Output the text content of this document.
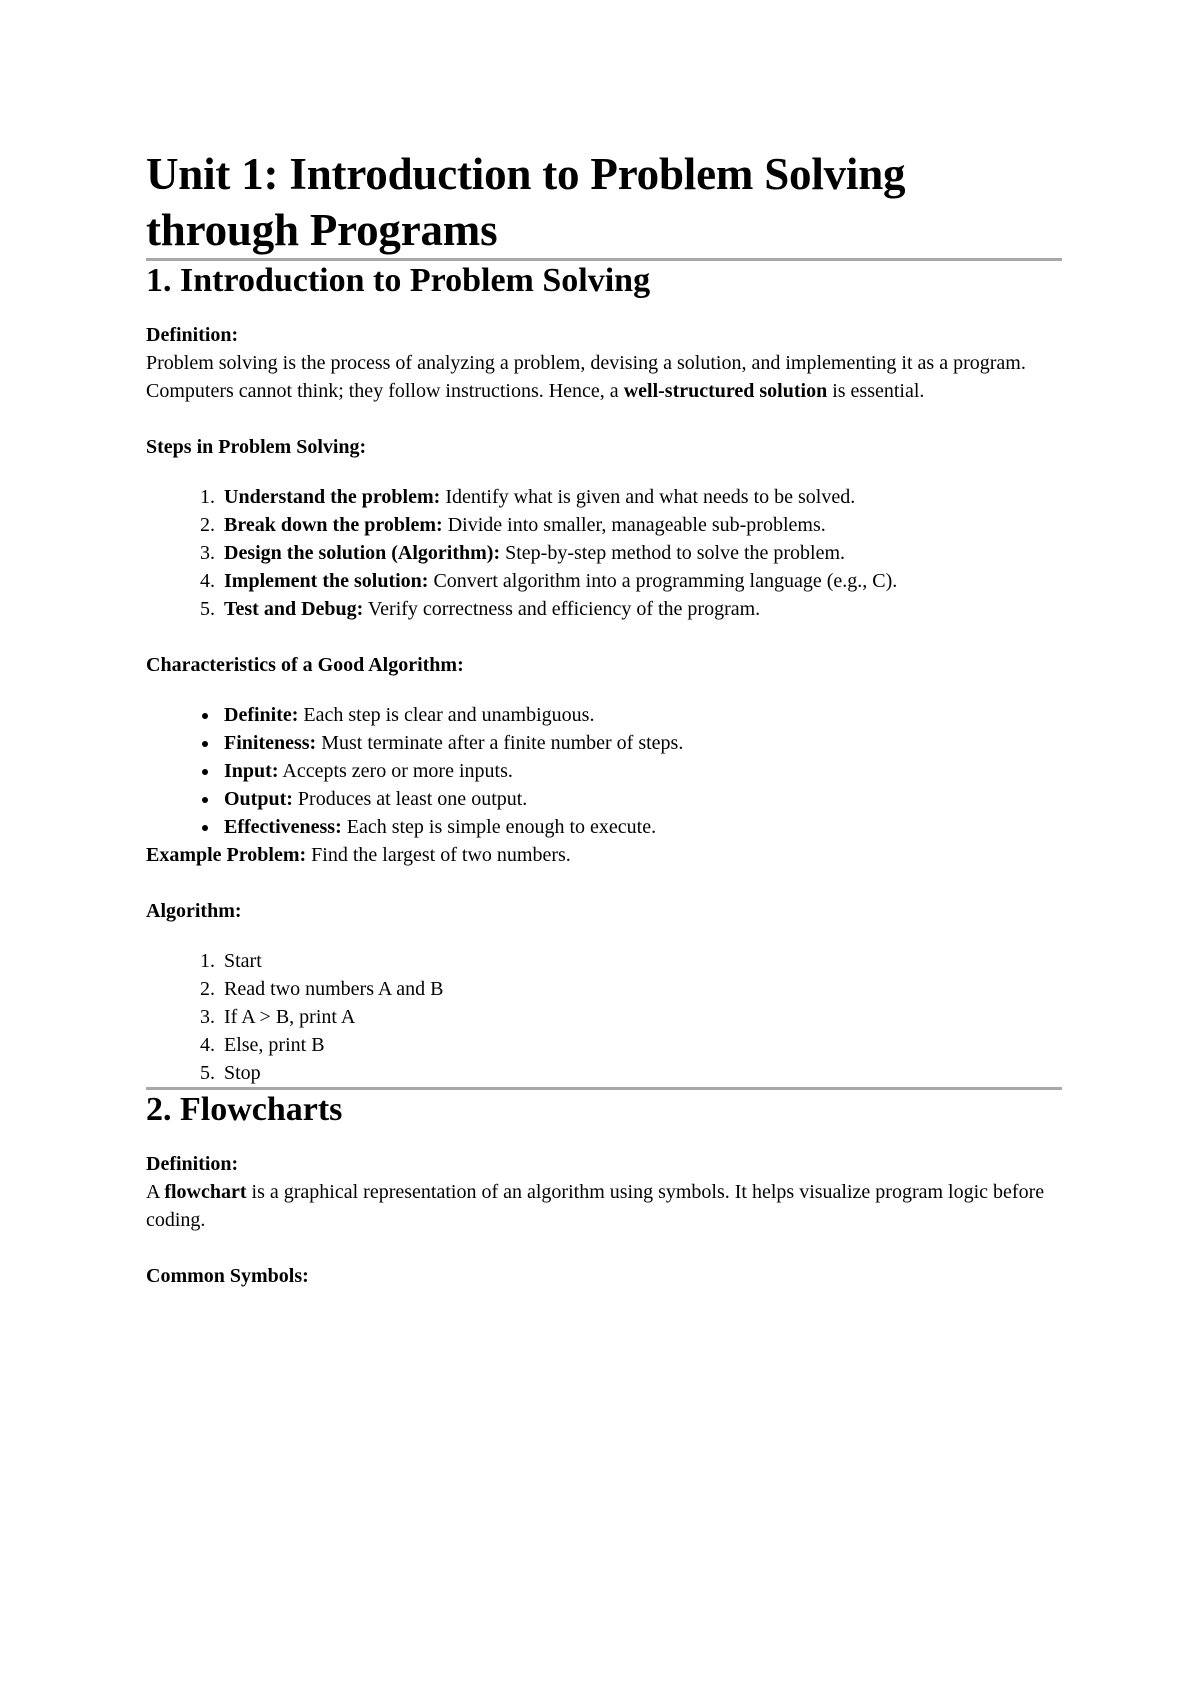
Unit 1: Introduction to Problem Solving
through Programs
1. Introduction to Problem Solving

Definition:

Problem solving is the process of analyzing a problem, devising a solution, and implementing it as a program. Computers cannot think; they follow instructions. Hence, a well-structured solution is essential.

Steps in Problem Solving:

1. Understand the problem: Identify what is given and what needs to be solved.
2. Break down the problem: Divide into smaller, manageable sub-problems.
3. Design the solution (Algorithm): Step-by-step method to solve the problem.
4. Implement the solution: Convert algorithm into a programming language (e.g., C).
5. Test and Debug: Verify correctness and efficiency of the program.

Characteristics of a Good Algorithm:

• Definite: Each step is clear and unambiguous.
• Finiteness: Must terminate after a finite number of steps.
• Input: Accepts zero or more inputs.
• Output: Produces at least one output.
• Effectiveness: Each step is simple enough to execute.

Example Problem: Find the largest of two numbers.

Algorithm:

1. Start
2. Read two numbers A and B
3. If A > B, print A
4. Else, print B
5. Stop
2. Flowcharts

Definition:

A flowchart is a graphical representation of an algorithm using symbols. It helps visualize program logic before coding.

Common Symbols:
